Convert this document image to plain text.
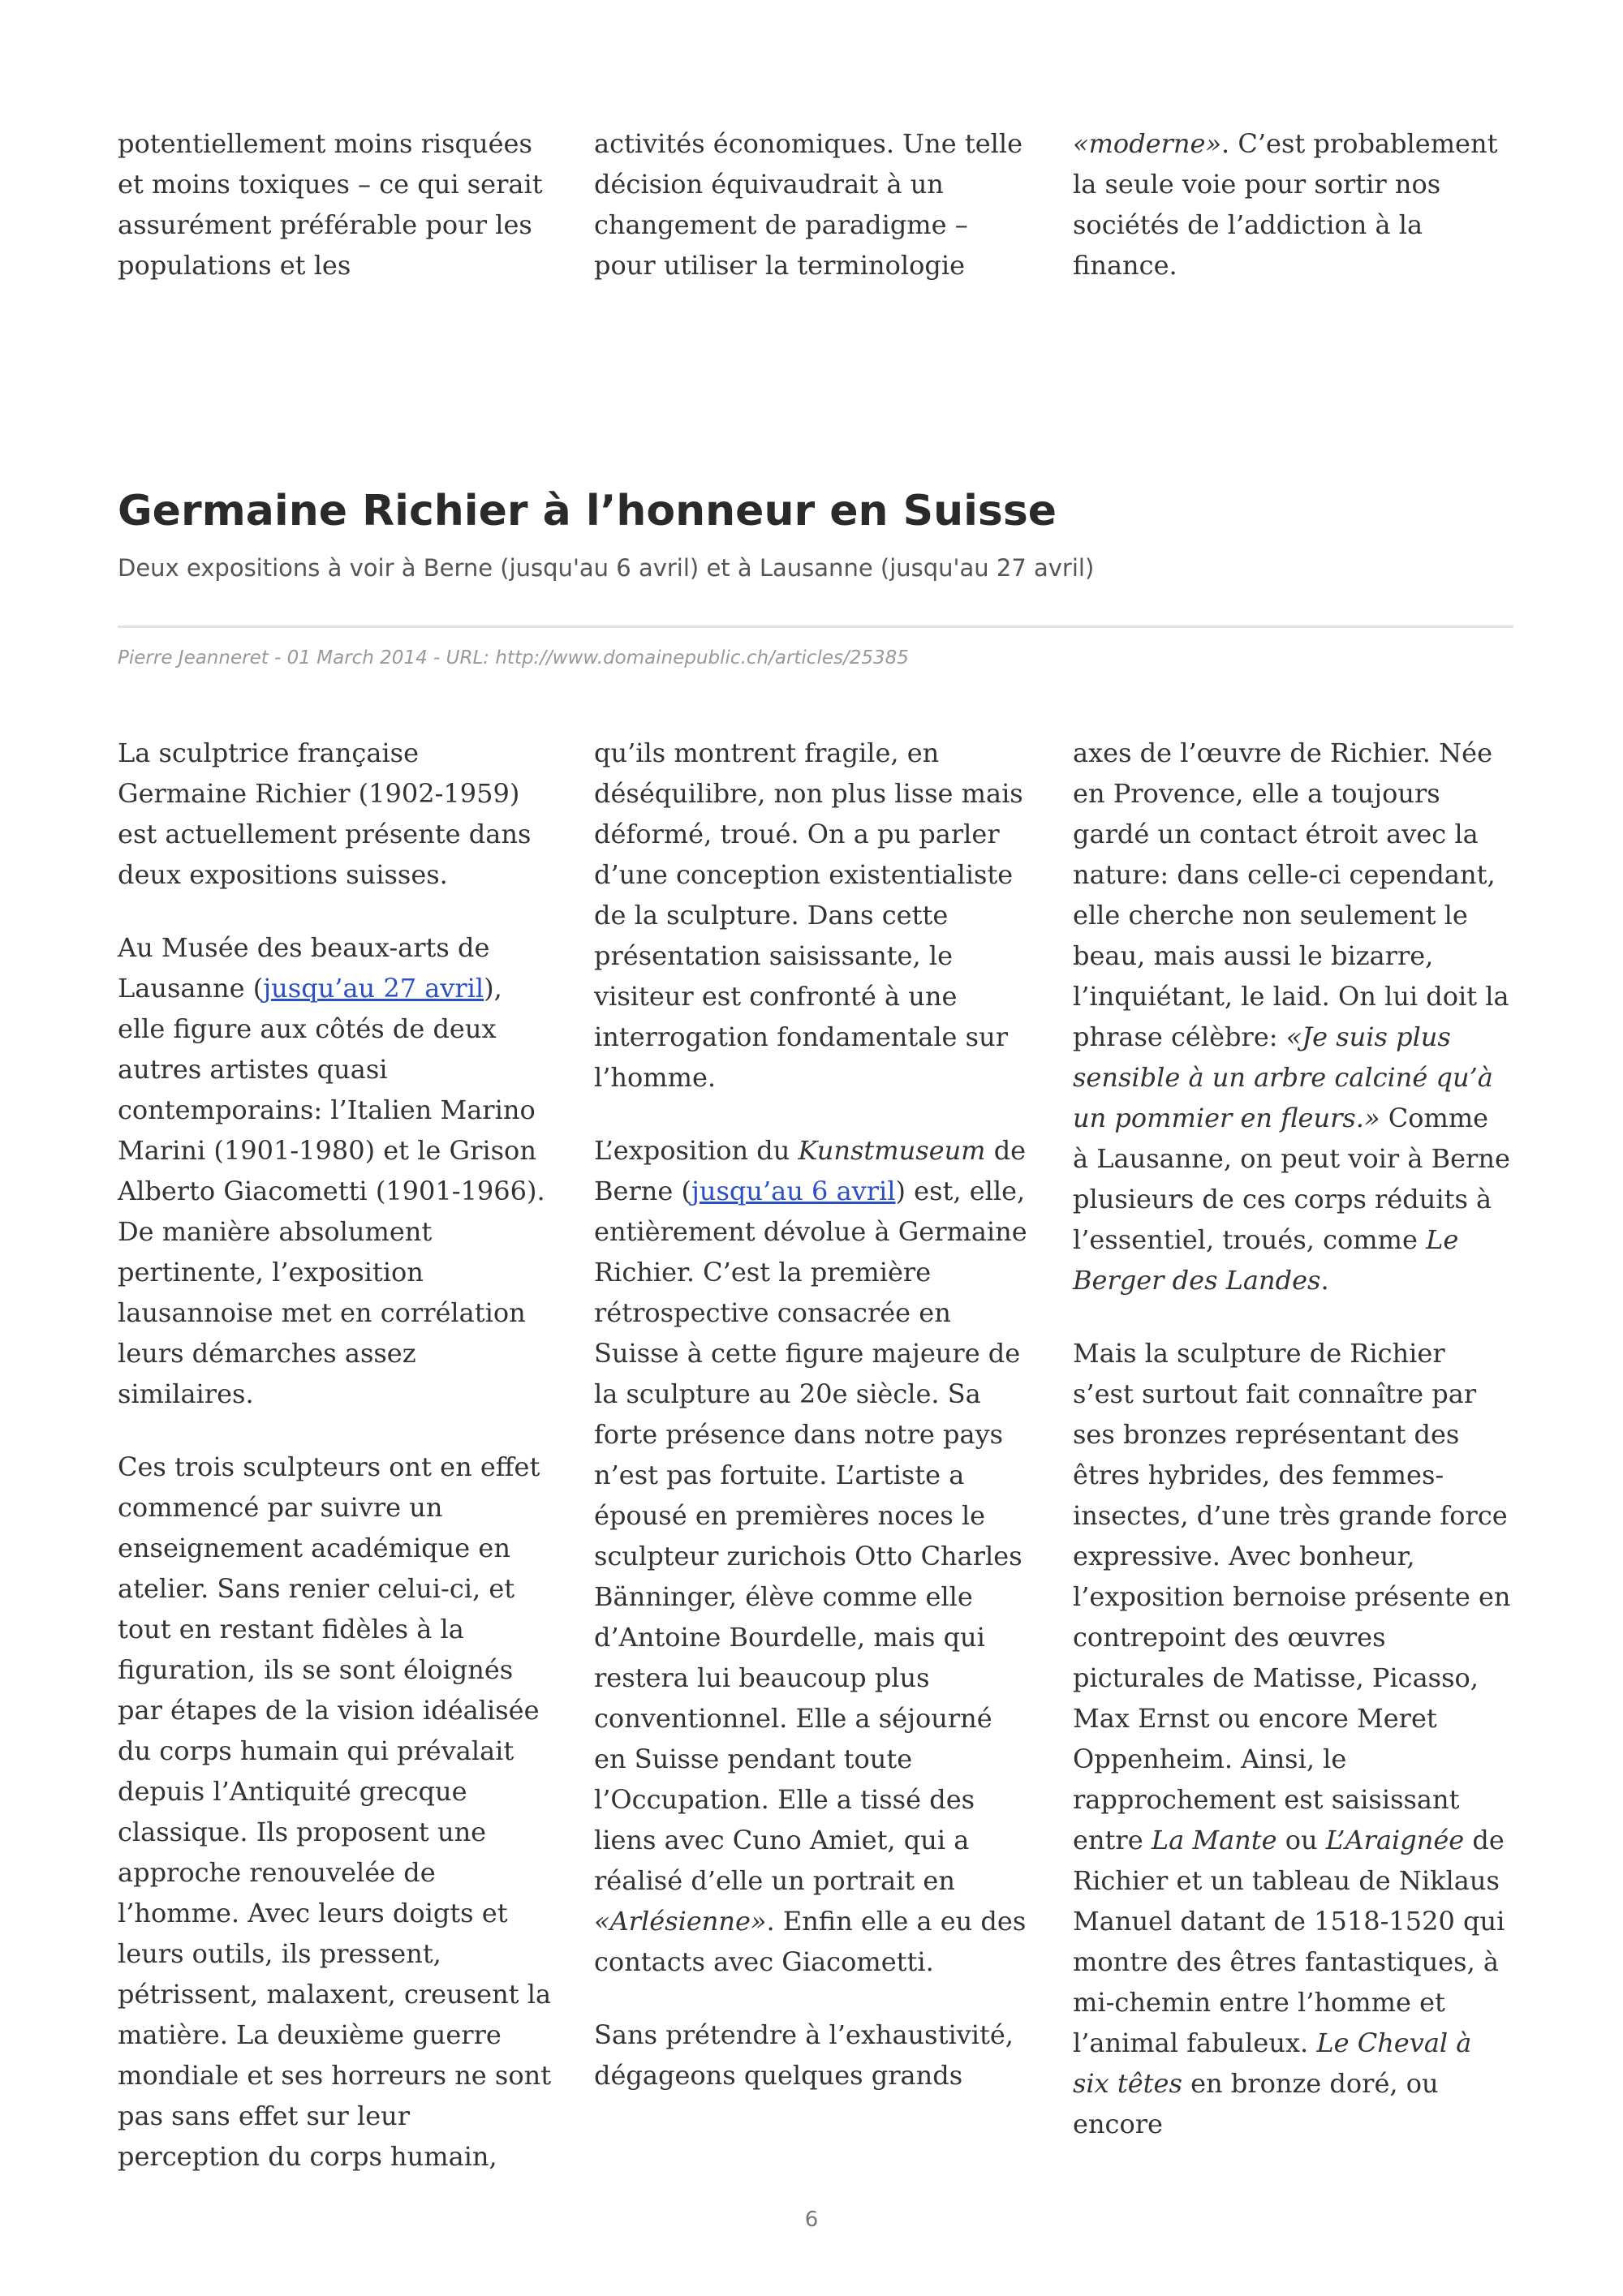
potentiellement moins risquées et moins toxiques – ce qui serait assurément préférable pour les populations et les

activités économiques. Une telle décision équivaudrait à un changement de paradigme – pour utiliser la terminologie

«moderne». C’est probablement la seule voie pour sortir nos sociétés de l’addiction à la finance.

Germaine Richier à l’honneur en Suisse
Deux expositions à voir à Berne (jusqu'au 6 avril) et à Lausanne (jusqu'au 27 avril)
Pierre Jeanneret - 01 March 2014 - URL: http://www.domainepublic.ch/articles/25385

La sculptrice française Germaine Richier (1902-1959) est actuellement présente dans deux expositions suisses.

Au Musée des beaux-arts de Lausanne (jusqu’au 27 avril), elle figure aux côtés de deux autres artistes quasi contemporains: l’Italien Marino Marini (1901-1980) et le Grison Alberto Giacometti (1901-1966). De manière absolument pertinente, l’exposition lausannoise met en corrélation leurs démarches assez similaires.

Ces trois sculpteurs ont en effet commencé par suivre un enseignement académique en atelier. Sans renier celui-ci, et tout en restant fidèles à la figuration, ils se sont éloignés par étapes de la vision idéalisée du corps humain qui prévalait depuis l’Antiquité grecque classique. Ils proposent une approche renouvelée de l’homme. Avec leurs doigts et leurs outils, ils pressent, pétrissent, malaxent, creusent la matière. La deuxième guerre mondiale et ses horreurs ne sont pas sans effet sur leur perception du corps humain,

qu’ils montrent fragile, en déséquilibre, non plus lisse mais déformé, troué. On a pu parler d’une conception existentialiste de la sculpture. Dans cette présentation saisissante, le visiteur est confronté à une interrogation fondamentale sur l’homme.

L’exposition du Kunstmuseum de Berne (jusqu’au 6 avril) est, elle, entièrement dévolue à Germaine Richier. C’est la première rétrospective consacrée en Suisse à cette figure majeure de la sculpture au 20e siècle. Sa forte présence dans notre pays n’est pas fortuite. L’artiste a épousé en premières noces le sculpteur zurichois Otto Charles Bänninger, élève comme elle d’Antoine Bourdelle, mais qui restera lui beaucoup plus conventionnel. Elle a séjourné en Suisse pendant toute l’Occupation. Elle a tissé des liens avec Cuno Amiet, qui a réalisé d’elle un portrait en «Arlésienne». Enfin elle a eu des contacts avec Giacometti.

Sans prétendre à l’exhaustivité, dégageons quelques grands

axes de l’œuvre de Richier. Née en Provence, elle a toujours gardé un contact étroit avec la nature: dans celle-ci cependant, elle cherche non seulement le beau, mais aussi le bizarre, l’inquiétant, le laid. On lui doit la phrase célèbre: «Je suis plus sensible à un arbre calciné qu’à un pommier en fleurs.» Comme à Lausanne, on peut voir à Berne plusieurs de ces corps réduits à l’essentiel, troués, comme Le Berger des Landes.

Mais la sculpture de Richier s’est surtout fait connaître par ses bronzes représentant des êtres hybrides, des femmes-insectes, d’une très grande force expressive. Avec bonheur, l’exposition bernoise présente en contrepoint des œuvres picturales de Matisse, Picasso, Max Ernst ou encore Meret Oppenheim. Ainsi, le rapprochement est saisissant entre La Mante ou L’Araignée de Richier et un tableau de Niklaus Manuel datant de 1518-1520 qui montre des êtres fantastiques, à mi-chemin entre l’homme et l’animal fabuleux. Le Cheval à six têtes en bronze doré, ou encore

6
